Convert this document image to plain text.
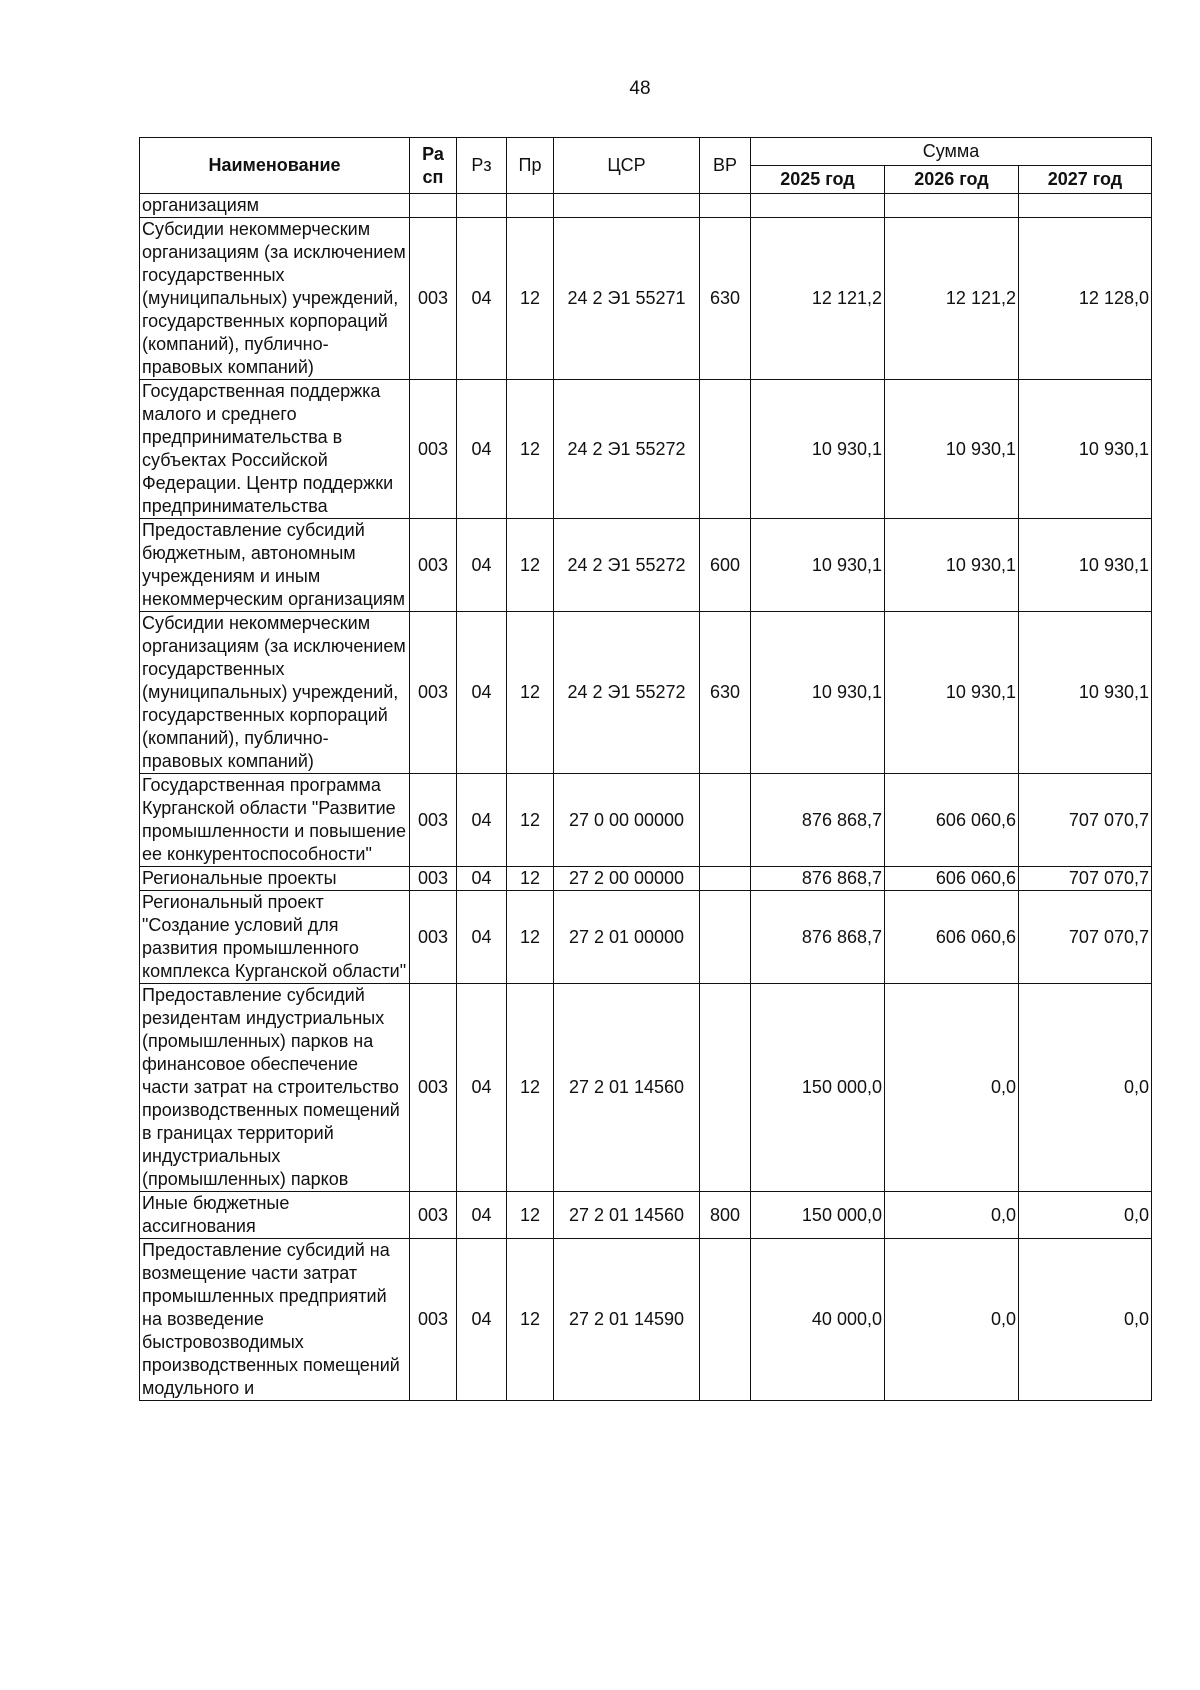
48
Наименование	Ра сп	Рз	Пр	ЦСР	ВР	Сумма		
						2025 год	2026 год	2027 год
организациям								
Субсидии некоммерческим организациям (за исключением государственных (муниципальных) учреждений, государственных корпораций (компаний), публично-правовых компаний)	003	04	12	24 2 Э1 55271	630	12 121,2	12 121,2	12 128,0
Государственная поддержка малого и среднего предпринимательства в субъектах Российской Федерации. Центр поддержки предпринимательства	003	04	12	24 2 Э1 55272		10 930,1	10 930,1	10 930,1
Предоставление субсидий бюджетным, автономным учреждениям и иным некоммерческим организациям	003	04	12	24 2 Э1 55272	600	10 930,1	10 930,1	10 930,1
Субсидии некоммерческим организациям (за исключением государственных (муниципальных) учреждений, государственных корпораций (компаний), публично-правовых компаний)	003	04	12	24 2 Э1 55272	630	10 930,1	10 930,1	10 930,1
Государственная программа Курганской области "Развитие промышленности и повышение ее конкурентоспособности"	003	04	12	27 0 00 00000		876 868,7	606 060,6	707 070,7
Региональные проекты	003	04	12	27 2 00 00000		876 868,7	606 060,6	707 070,7
Региональный проект "Создание условий для развития промышленного комплекса Курганской области"	003	04	12	27 2 01 00000		876 868,7	606 060,6	707 070,7
Предоставление субсидий резидентам индустриальных (промышленных) парков на финансовое обеспечение части затрат на строительство производственных помещений в границах территорий индустриальных (промышленных) парков	003	04	12	27 2 01 14560		150 000,0	0,0	0,0
Иные бюджетные ассигнования	003	04	12	27 2 01 14560	800	150 000,0	0,0	0,0
Предоставление субсидий на возмещение части затрат промышленных предприятий на возведение быстровозводимых производственных помещений модульного и	003	04	12	27 2 01 14590		40 000,0	0,0	0,0
